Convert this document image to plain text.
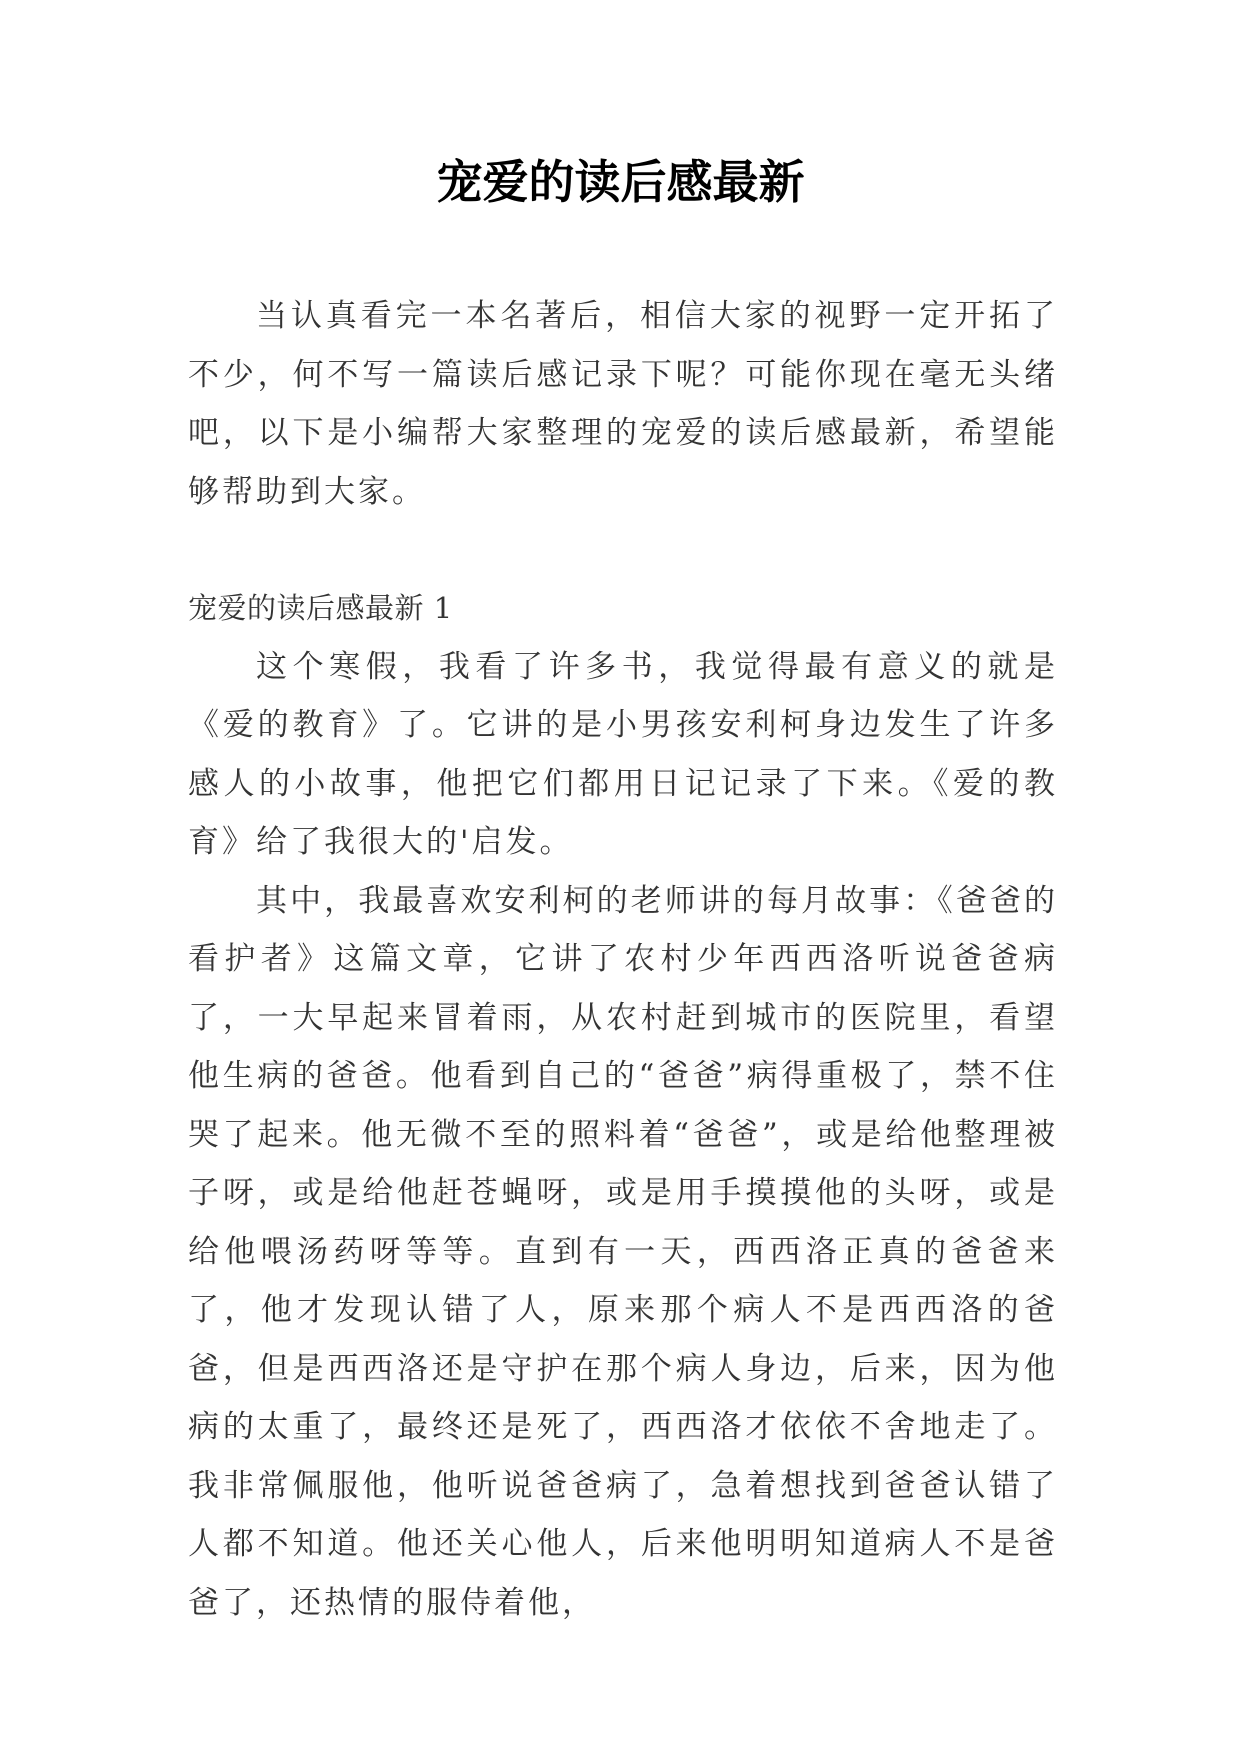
宠爱的读后感最新

当认真看完一本名著后，相信大家的视野一定开拓了不少，何不写一篇读后感记录下呢？可能你现在毫无头绪吧，以下是小编帮大家整理的宠爱的读后感最新，希望能够帮助到大家。

宠爱的读后感最新 1

这个寒假，我看了许多书，我觉得最有意义的就是《爱的教育》了。它讲的是小男孩安利柯身边发生了许多感人的小故事，他把它们都用日记记录了下来。《爱的教育》给了我很大的'启发。

其中，我最喜欢安利柯的老师讲的每月故事：《爸爸的看护者》这篇文章，它讲了农村少年西西洛听说爸爸病了，一大早起来冒着雨，从农村赶到城市的医院里，看望他生病的爸爸。他看到自己的“爸爸”病得重极了，禁不住哭了起来。他无微不至的照料着“爸爸”，或是给他整理被子呀，或是给他赶苍蝇呀，或是用手摸摸他的头呀，或是给他喂汤药呀等等。直到有一天，西西洛正真的爸爸来了，他才发现认错了人，原来那个病人不是西西洛的爸爸，但是西西洛还是守护在那个病人身边，后来，因为他病的太重了，最终还是死了，西西洛才依依不舍地走了。我非常佩服他，他听说爸爸病了，急着想找到爸爸认错了人都不知道。他还关心他人，后来他明明知道病人不是爸爸了，还热情的服侍着他，
